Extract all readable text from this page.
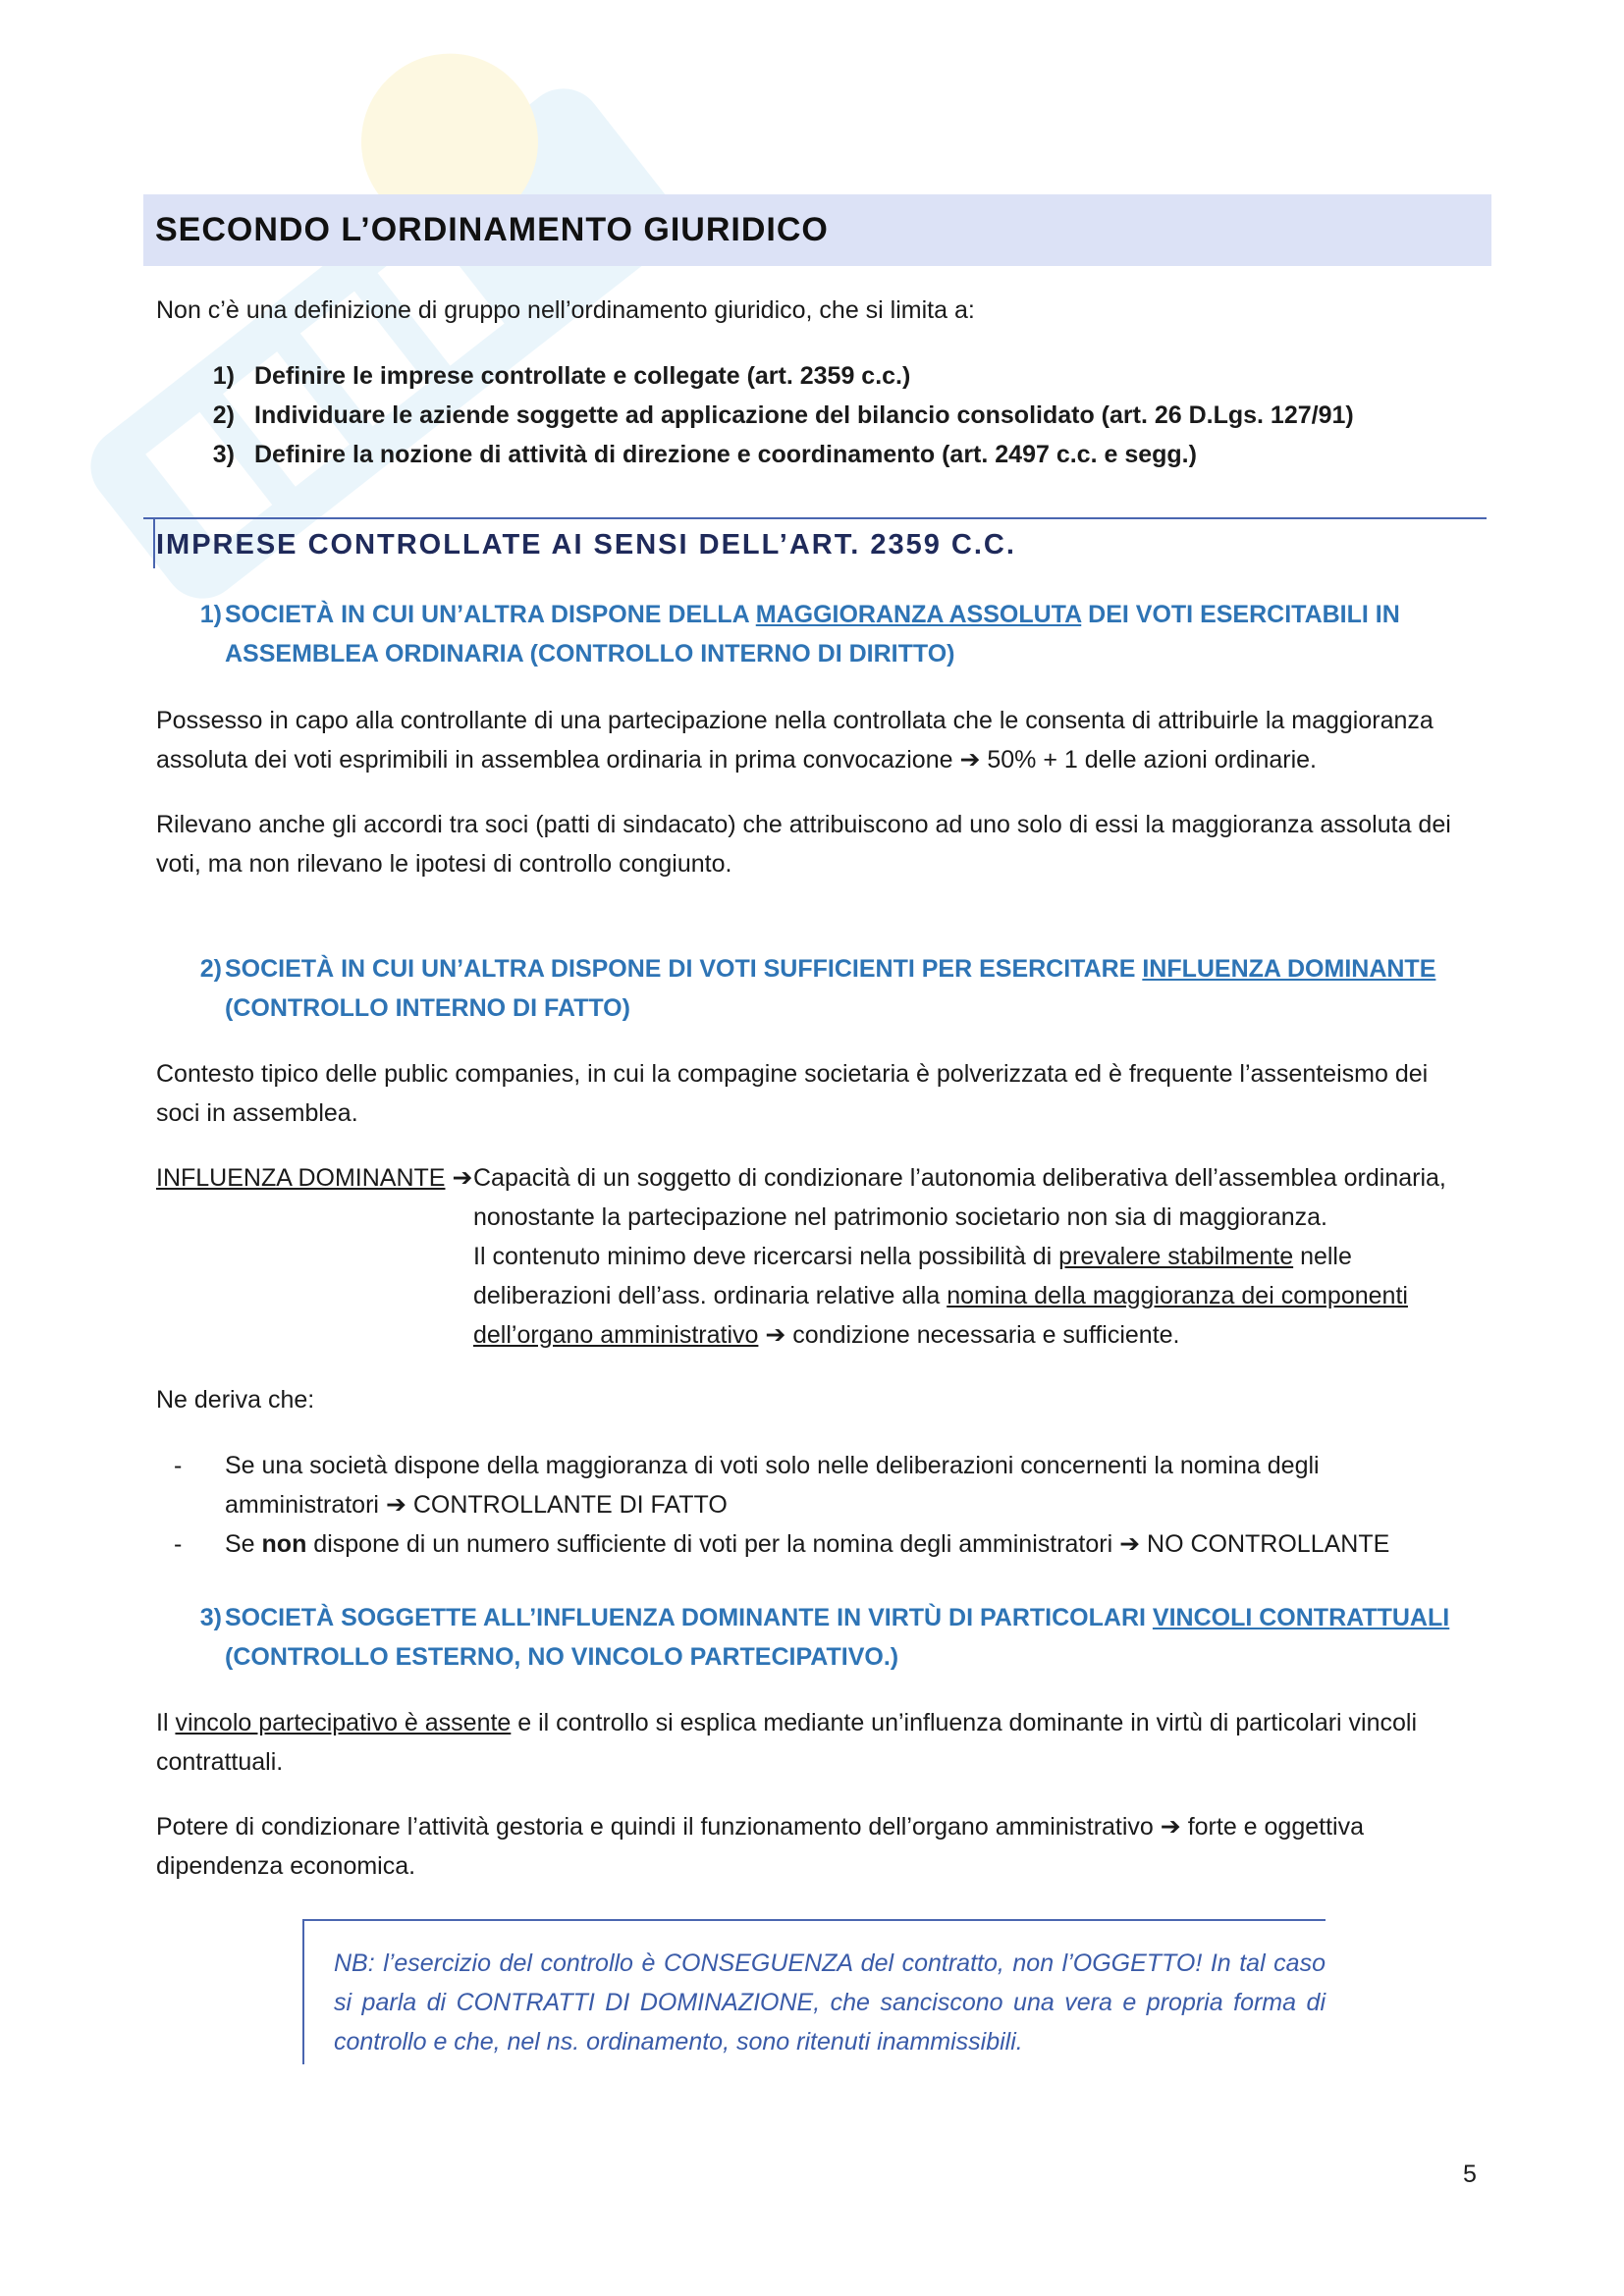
SECONDO L’ORDINAMENTO GIURIDICO
Non c’è una definizione di gruppo nell’ordinamento giuridico, che si limita a:
1) Definire le imprese controllate e collegate (art. 2359 c.c.)
2) Individuare le aziende soggette ad applicazione del bilancio consolidato (art. 26 D.Lgs. 127/91)
3) Definire la nozione di attività di direzione e coordinamento (art. 2497 c.c. e segg.)
IMPRESE CONTROLLATE AI SENSI DELL’ART. 2359 C.C.
1) SOCIETÀ IN CUI UN’ALTRA DISPONE DELLA MAGGIORANZA ASSOLUTA DEI VOTI ESERCITABILI IN
ASSEMBLEA ORDINARIA (CONTROLLO INTERNO DI DIRITTO)
Possesso in capo alla controllante di una partecipazione nella controllata che le consenta di attribuirle la maggioranza
assoluta dei voti esprimibili in assemblea ordinaria in prima convocazione ➔ 50% + 1 delle azioni ordinarie.
Rilevano anche gli accordi tra soci (patti di sindacato) che attribuiscono ad uno solo di essi la maggioranza assoluta dei
voti, ma non rilevano le ipotesi di controllo congiunto.
2) SOCIETÀ IN CUI UN’ALTRA DISPONE DI VOTI SUFFICIENTI PER ESERCITARE INFLUENZA DOMINANTE
(CONTROLLO INTERNO DI FATTO)
Contesto tipico delle public companies, in cui la compagine societaria è polverizzata ed è frequente l’assenteismo dei
soci in assemblea.
INFLUENZA DOMINANTE ➔ Capacità di un soggetto di condizionare l’autonomia deliberativa dell’assemblea ordinaria,
nonostante la partecipazione nel patrimonio societario non sia di maggioranza.
Il contenuto minimo deve ricercarsi nella possibilità di prevalere stabilmente nelle
deliberazioni dell’ass. ordinaria relative alla nomina della maggioranza dei componenti
dell’organo amministrativo ➔ condizione necessaria e sufficiente.
Ne deriva che:
-	Se una società dispone della maggioranza di voti solo nelle deliberazioni concernenti la nomina degli
amministratori ➔ CONTROLLANTE DI FATTO
-	Se non dispone di un numero sufficiente di voti per la nomina degli amministratori ➔ NO CONTROLLANTE
3) SOCIETÀ SOGGETTE ALL’INFLUENZA DOMINANTE IN VIRTÙ DI PARTICOLARI VINCOLI CONTRATTUALI
(CONTROLLO ESTERNO, NO VINCOLO PARTECIPATIVO.)
Il vincolo partecipativo è assente e il controllo si esplica mediante un’influenza dominante in virtù di particolari vincoli
contrattuali.
Potere di condizionare l’attività gestoria e quindi il funzionamento dell’organo amministrativo ➔ forte e oggettiva
dipendenza economica.
NB: l’esercizio del controllo è CONSEGUENZA del contratto, non l’OGGETTO! In tal caso si parla di CONTRATTI DI DOMINAZIONE, che sanciscono una vera e propria forma di controllo e che, nel ns. ordinamento, sono ritenuti inammissibili.
5
